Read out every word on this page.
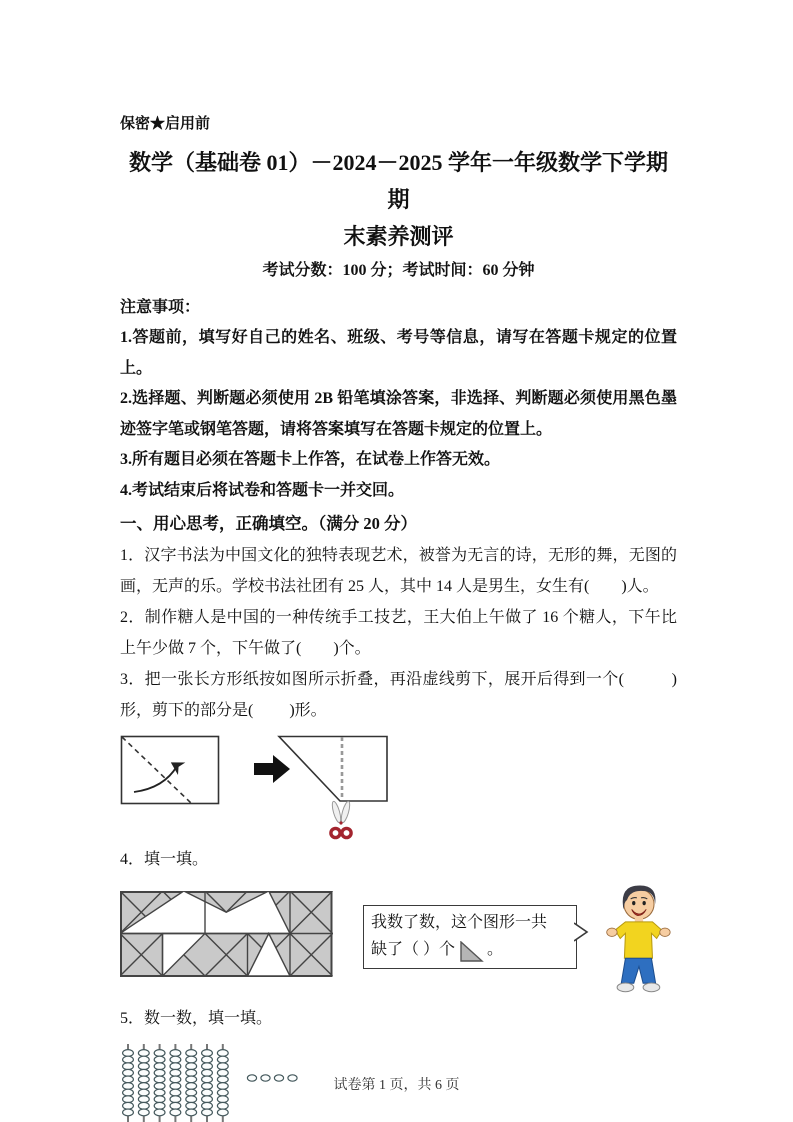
保密★启用前
数学（基础卷 01）－2024－2025 学年一年级数学下学期期
末素养测评
考试分数：100 分；考试时间：60 分钟
注意事项：

1.答题前，填写好自己的姓名、班级、考号等信息，请写在答题卡规定的位置上。

2.选择题、判断题必须使用 2B 铅笔填涂答案，非选择、判断题必须使用黑色墨迹签字笔或钢笔答题，请将答案填写在答题卡规定的位置上。

3.所有题目必须在答题卡上作答，在试卷上作答无效。

4.考试结束后将试卷和答题卡一并交回。

一、用心思考，正确填空。（满分 20 分）

1．汉字书法为中国文化的独特表现艺术，被誉为无言的诗，无形的舞，无图的画，无声的乐。学校书法社团有 25 人，其中 14 人是男生，女生有(        )人。

2．制作糖人是中国的一种传统手工技艺，王大伯上午做了 16 个糖人，下午比上午少做 7 个，下午做了(        )个。

3．把一张长方形纸按如图所示折叠，再沿虚线剪下，展开后得到一个(           )形，剪下的部分是(         )形。

4．填一填。

我数了数，这个图形一共
缺了（ ）个 。

5．数一数，填一填。

试卷第 1 页，共 6 页
